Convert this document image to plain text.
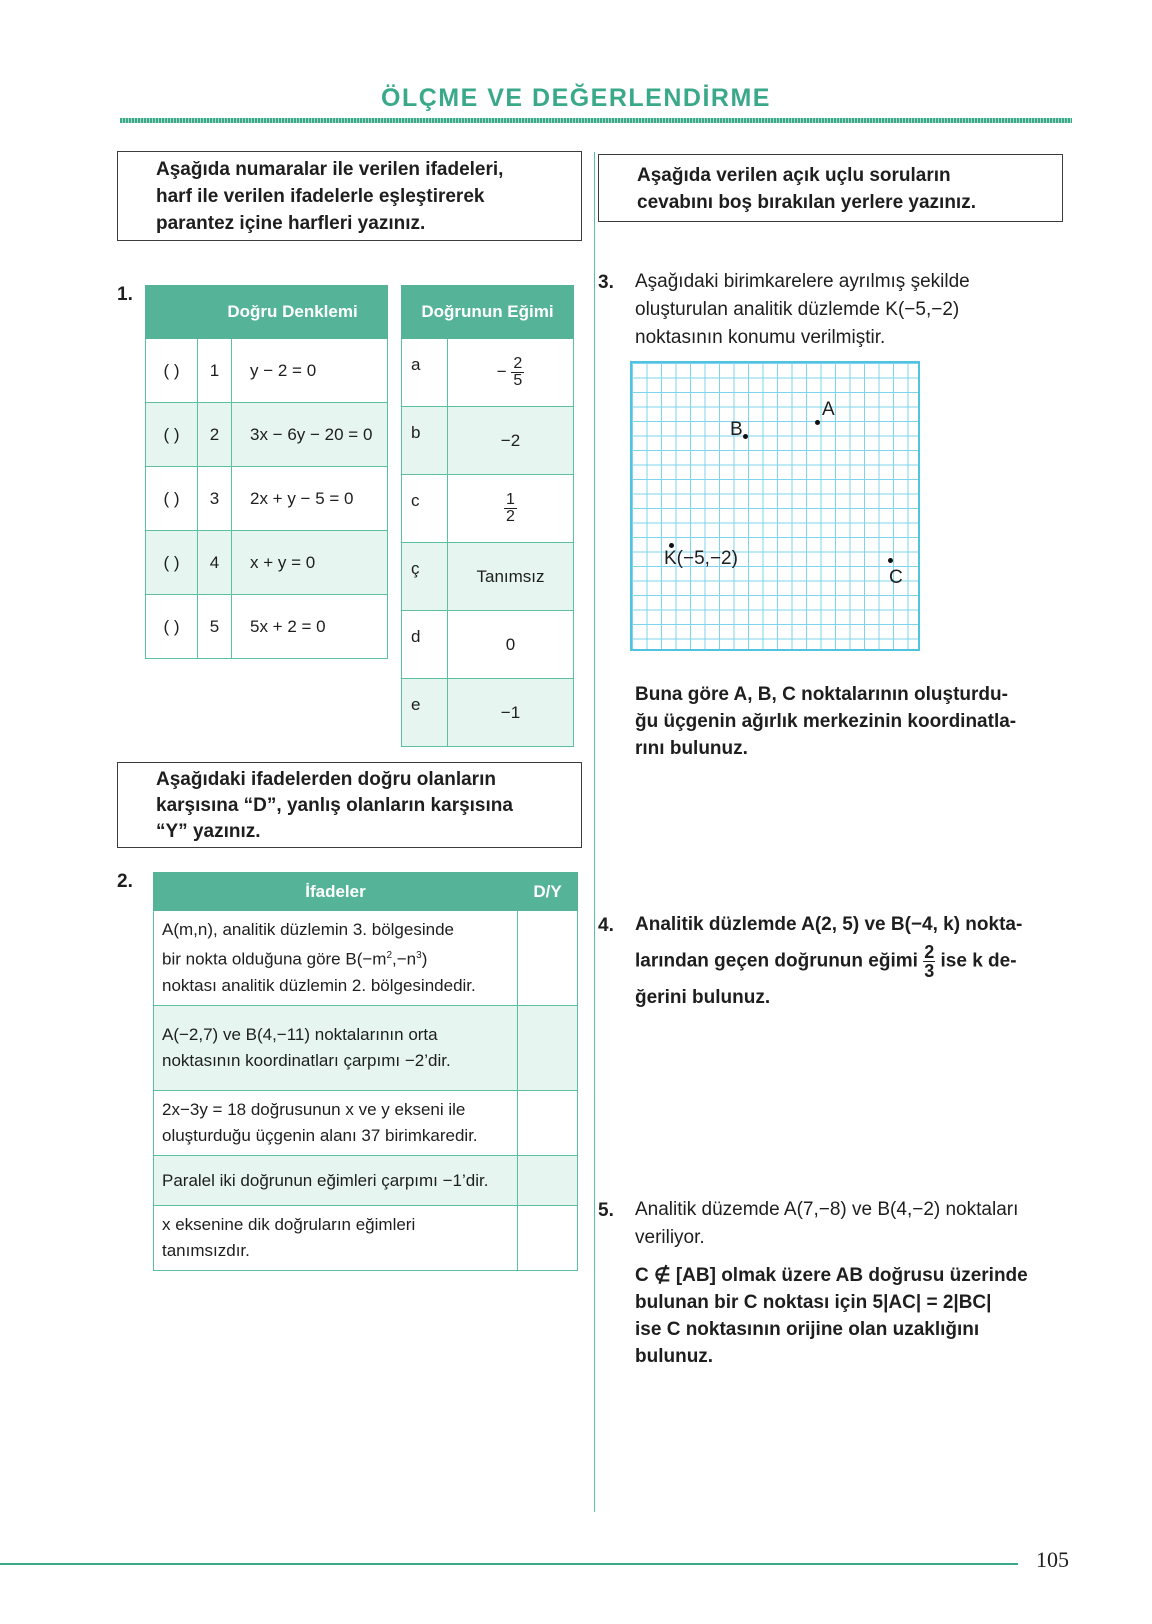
ÖLÇME VE DEĞERLENDİRME
Aşağıda numaralar ile verilen ifadeleri,
harf ile verilen ifadelerle eşleştirerek
parantez içine harfleri yazınız.
1.
	Doğru Denklemi	
( )	1	y − 2 = 0
( )	2	3x − 6y − 20 = 0
( )	3	2x + y − 5 = 0
( )	4	x + y = 0
( )	5	5x + 2 = 0
Doğrunun Eğimi	
a	− $\frac{2}{5}$

b	−2
c	$\frac{1}{2}$

ç	Tanımsız
d	0
e	−1
Aşağıdaki ifadelerden doğru olanların
karşısına “D”, yanlış olanların karşısına
“Y” yazınız.
2.	İfadeler	D/Y

A(m,n), analitik düzlemin 3. bölgesinde
bir nokta olduğuna göre $B(-m^2,-n^3)$
noktası analitik düzlemin 2. bölgesindedir.	

A(−2,7) ve B(4,−11) noktalarının orta
noktasının koordinatları çarpımı −2’dir.	

2x−3y = 18 doğrusunun x ve y ekseni ile
oluşturduğu üçgenin alanı 37 birimkaredir.	

Paralel iki doğrunun eğimleri çarpımı −1’dir.	

x eksenine dik doğruların eğimleri
tanımsızdır.	

Aşağıda verilen açık uçlu soruların
cevabını boş bırakılan yerlere yazınız.
3. Aşağıdaki birimkarelere ayrılmış şekilde
oluşturulan analitik düzlemde K(−5,−2)
noktasının konumu verilmiştir.
A
B
K(−5,−2)
C
Buna göre A, B, C noktalarının oluşturdu-
ğu üçgenin ağırlık merkezinin koordinatla-
rını bulunuz.
4. Analitik düzlemde A(2, 5) ve B(−4, k) nokta-
larından geçen doğrunun eğimi $\frac{2}{3}$ ise k de-
ğerini bulunuz.
5. Analitik düzemde A(7,−8) ve B(4,−2) noktaları
veriliyor.
C ∉ [AB] olmak üzere AB doğrusu üzerinde
bulunan bir C noktası için 5|AC| = 2|BC|
ise C noktasının orijine olan uzaklığını
bulunuz.
105
